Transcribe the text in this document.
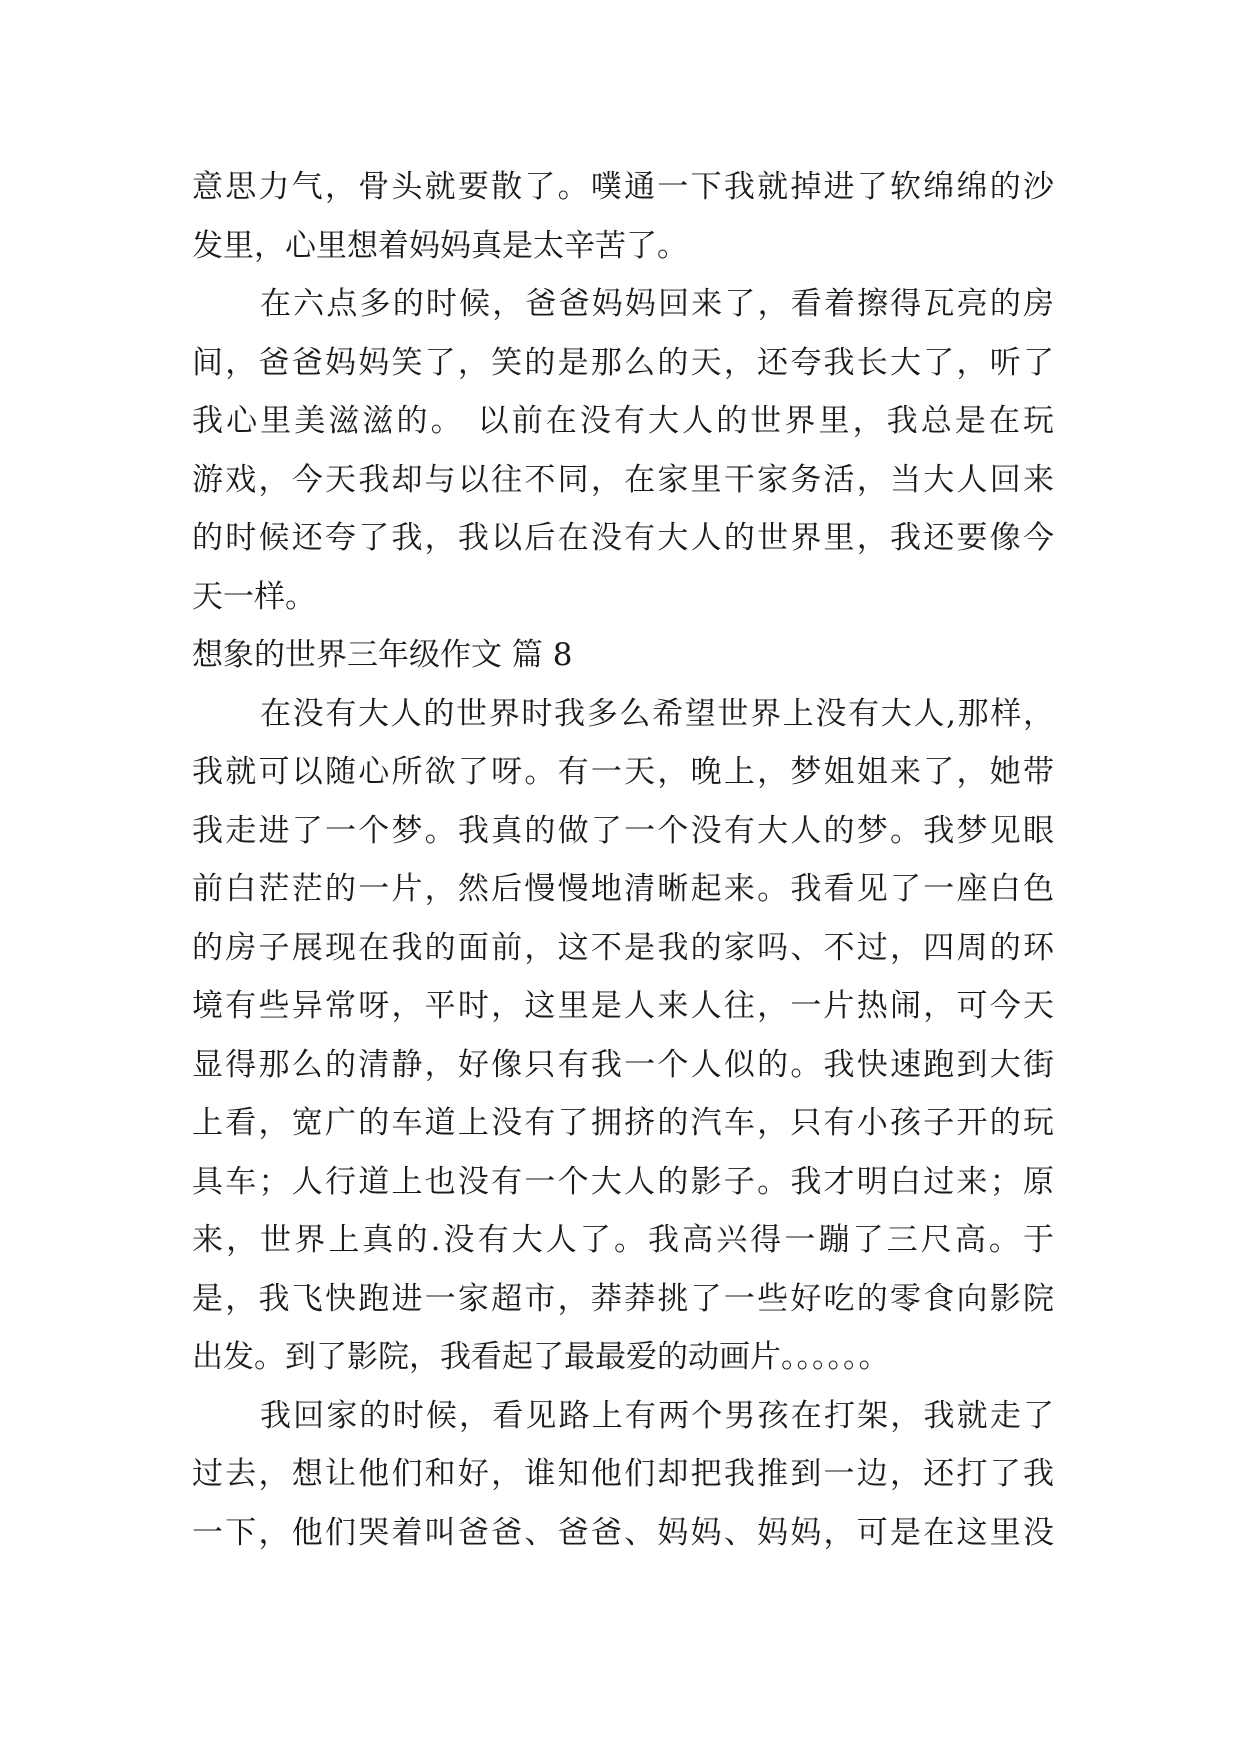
意思力气，骨头就要散了。噗通一下我就掉进了软绵绵的沙
发里，心里想着妈妈真是太辛苦了。
在六点多的时候，爸爸妈妈回来了，看着擦得瓦亮的房
间，爸爸妈妈笑了，笑的是那么的天，还夸我长大了，听了
我心里美滋滋的。 以前在没有大人的世界里，我总是在玩
游戏，今天我却与以往不同，在家里干家务活，当大人回来
的时候还夸了我，我以后在没有大人的世界里，我还要像今
天一样。
想象的世界三年级作文 篇 8
在没有大人的世界时我多么希望世界上没有大人,那样，
我就可以随心所欲了呀。有一天，晚上，梦姐姐来了，她带
我走进了一个梦。我真的做了一个没有大人的梦。我梦见眼
前白茫茫的一片，然后慢慢地清晰起来。我看见了一座白色
的房子展现在我的面前，这不是我的家吗、不过，四周的环
境有些异常呀，平时，这里是人来人往，一片热闹，可今天
显得那么的清静，好像只有我一个人似的。我快速跑到大街
上看，宽广的车道上没有了拥挤的汽车，只有小孩子开的玩
具车；人行道上也没有一个大人的影子。我才明白过来；原
来，世界上真的.没有大人了。我高兴得一蹦了三尺高。于
是，我飞快跑进一家超市，莽莽挑了一些好吃的零食向影院
出发。到了影院，我看起了最最爱的动画片。。。。。。
我回家的时候，看见路上有两个男孩在打架，我就走了
过去，想让他们和好，谁知他们却把我推到一边，还打了我
一下，他们哭着叫爸爸、爸爸、妈妈、妈妈，可是在这里没
